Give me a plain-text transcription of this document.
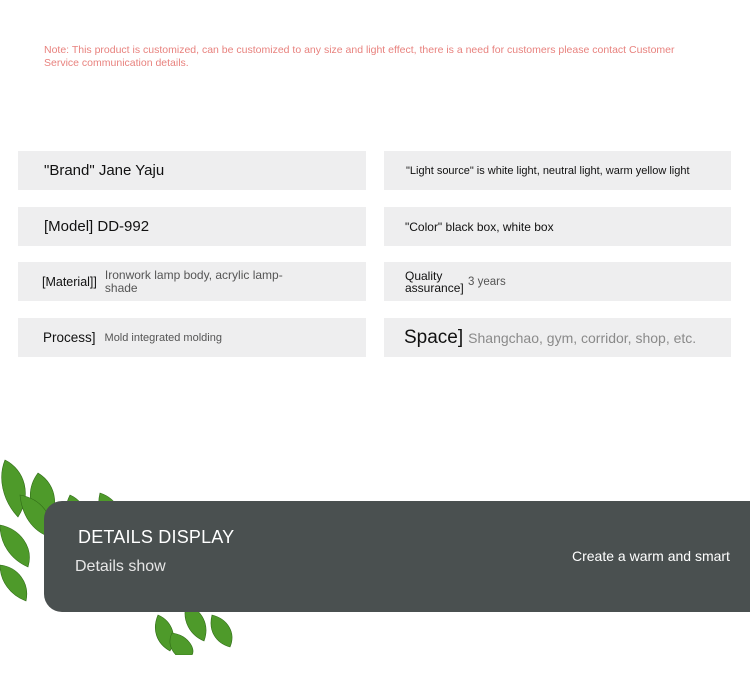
Note: This product is customized, can be customized to any size and light effect, there is a need for customers please contact Customer Service communication details.
"Brand" Jane Yaju
[Model] DD-992
[Material]] Ironwork lamp body, acrylic lamp-shade
Process] Mold integrated molding
"Light source" is white light, neutral light, warm yellow light
"Color" black box, white box
Quality assurance] 3 years
Space] Shangchao, gym, corridor, shop, etc.
DETAILS DISPLAY
Details show
Create a warm and smart
